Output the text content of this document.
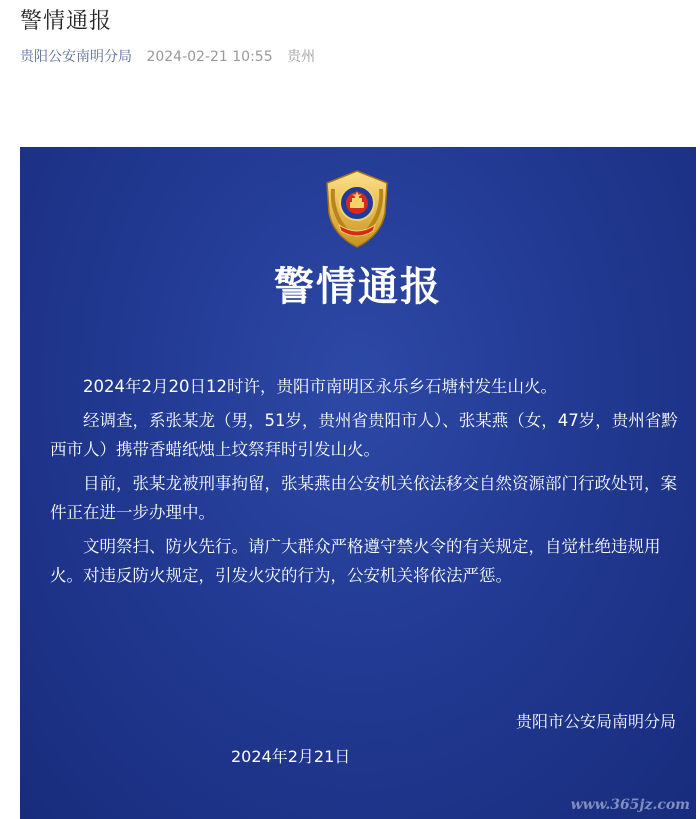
警情通报
贵阳公安南明分局 2024-02-21 10:55 贵州
警情通报

2024年2月20日12时许，贵阳市南明区永乐乡石塘村发生山火。

经调查，系张某龙（男，51岁，贵州省贵阳市人）、张某燕（女，47岁，贵州省黔西市人）携带香蜡纸烛上坟祭拜时引发山火。

目前，张某龙被刑事拘留，张某燕由公安机关依法移交自然资源部门行政处罚，案件正在进一步办理中。

文明祭扫、防火先行。请广大群众严格遵守禁火令的有关规定，自觉杜绝违规用火。对违反防火规定，引发火灾的行为，公安机关将依法严惩。

贵阳市公安局南明分局
2024年2月21日
www.365jz.com
